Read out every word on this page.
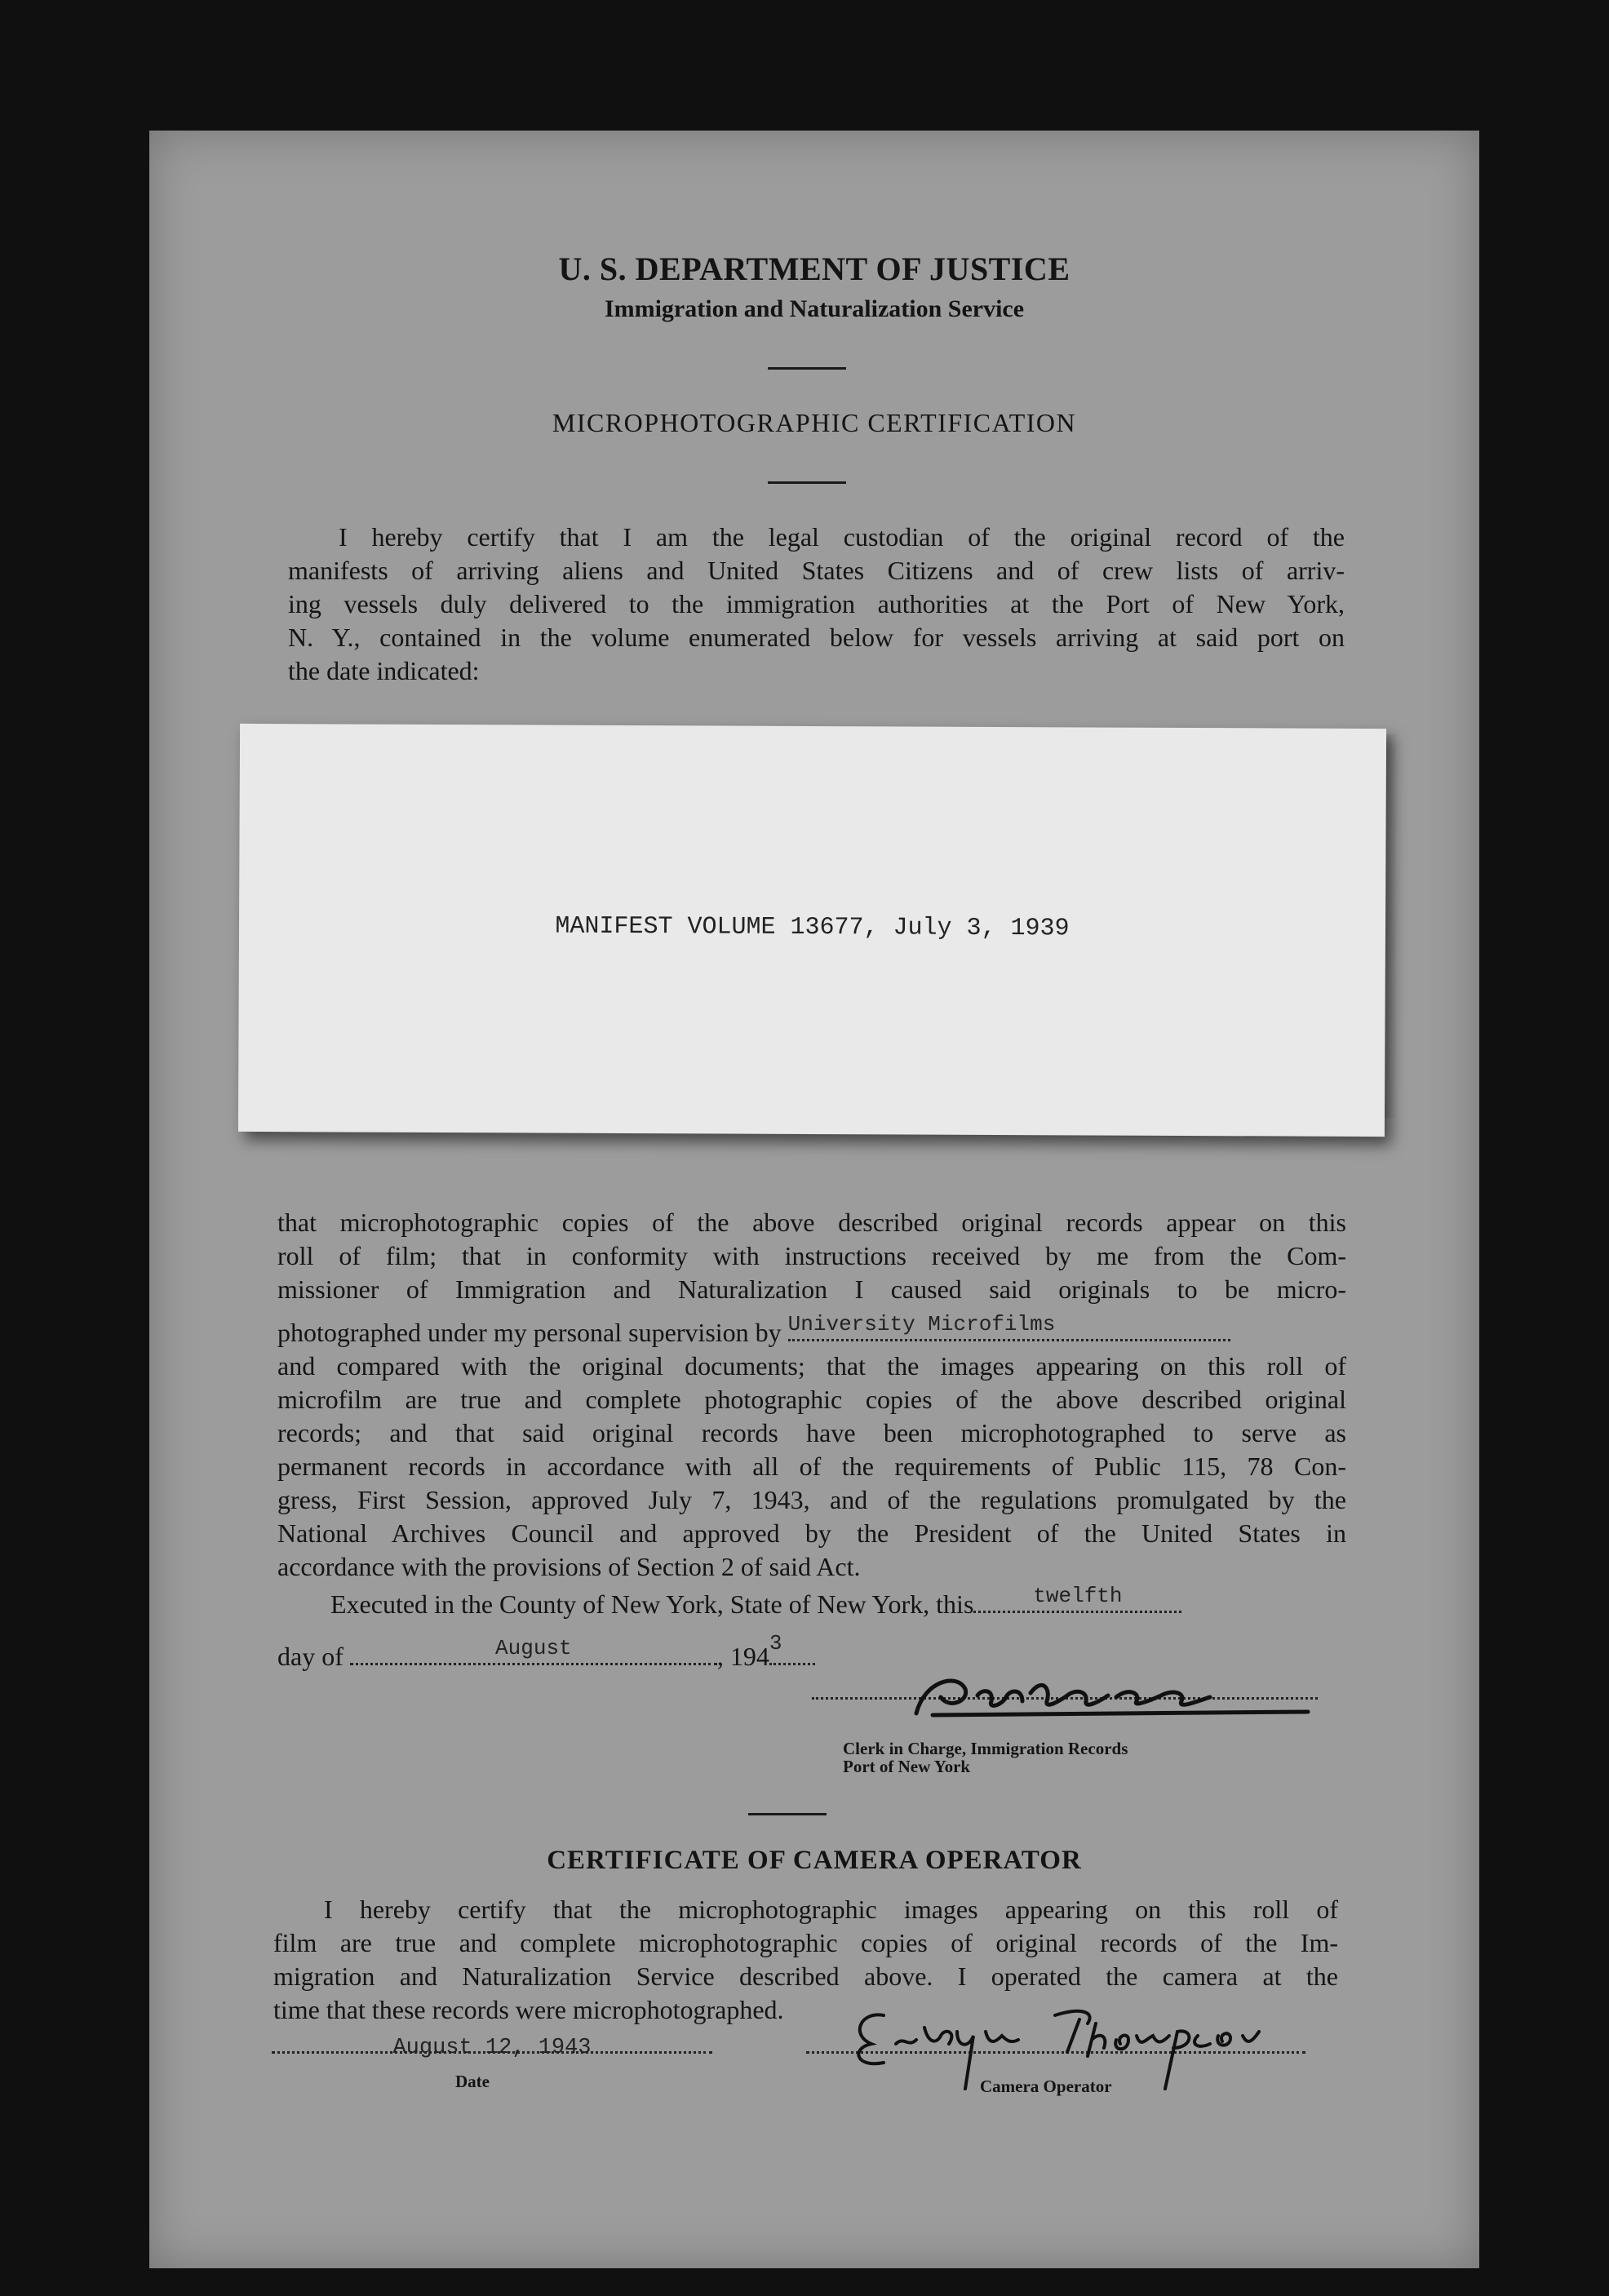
U. S. DEPARTMENT OF JUSTICE
Immigration and Naturalization Service
MICROPHOTOGRAPHIC CERTIFICATION
I hereby certify that I am the legal custodian of the original record of the
manifests of arriving aliens and United States Citizens and of crew lists of arriv-
ing vessels duly delivered to the immigration authorities at the Port of New York,
N. Y., contained in the volume enumerated below for vessels arriving at said port on
the date indicated:
MANIFEST VOLUME 13677, July 3, 1939
that microphotographic copies of the above described original records appear on this
roll of film; that in conformity with instructions received by me from the Com-
missioner of Immigration and Naturalization I caused said originals to be micro-
photographed under my personal supervision by University Microfilms
and compared with the original documents; that the images appearing on this roll of
microfilm are true and complete photographic copies of the above described original
records; and that said original records have been microphotographed to serve as
permanent records in accordance with all of the requirements of Public 115, 78 Con-
gress, First Session, approved July 7, 1943, and of the regulations promulgated by the
National Archives Council and approved by the President of the United States in
accordance with the provisions of Section 2 of said Act.
Executed in the County of New York, State of New York, this	twelfth
day of	August	, 194 3
Clerk in Charge, Immigration Records
Port of New York
CERTIFICATE OF CAMERA OPERATOR
I hereby certify that the microphotographic images appearing on this roll of
film are true and complete microphotographic copies of original records of the Im-
migration and Naturalization Service described above. I operated the camera at the
time that these records were microphotographed.
August 12, 1943
Date	Camera Operator
